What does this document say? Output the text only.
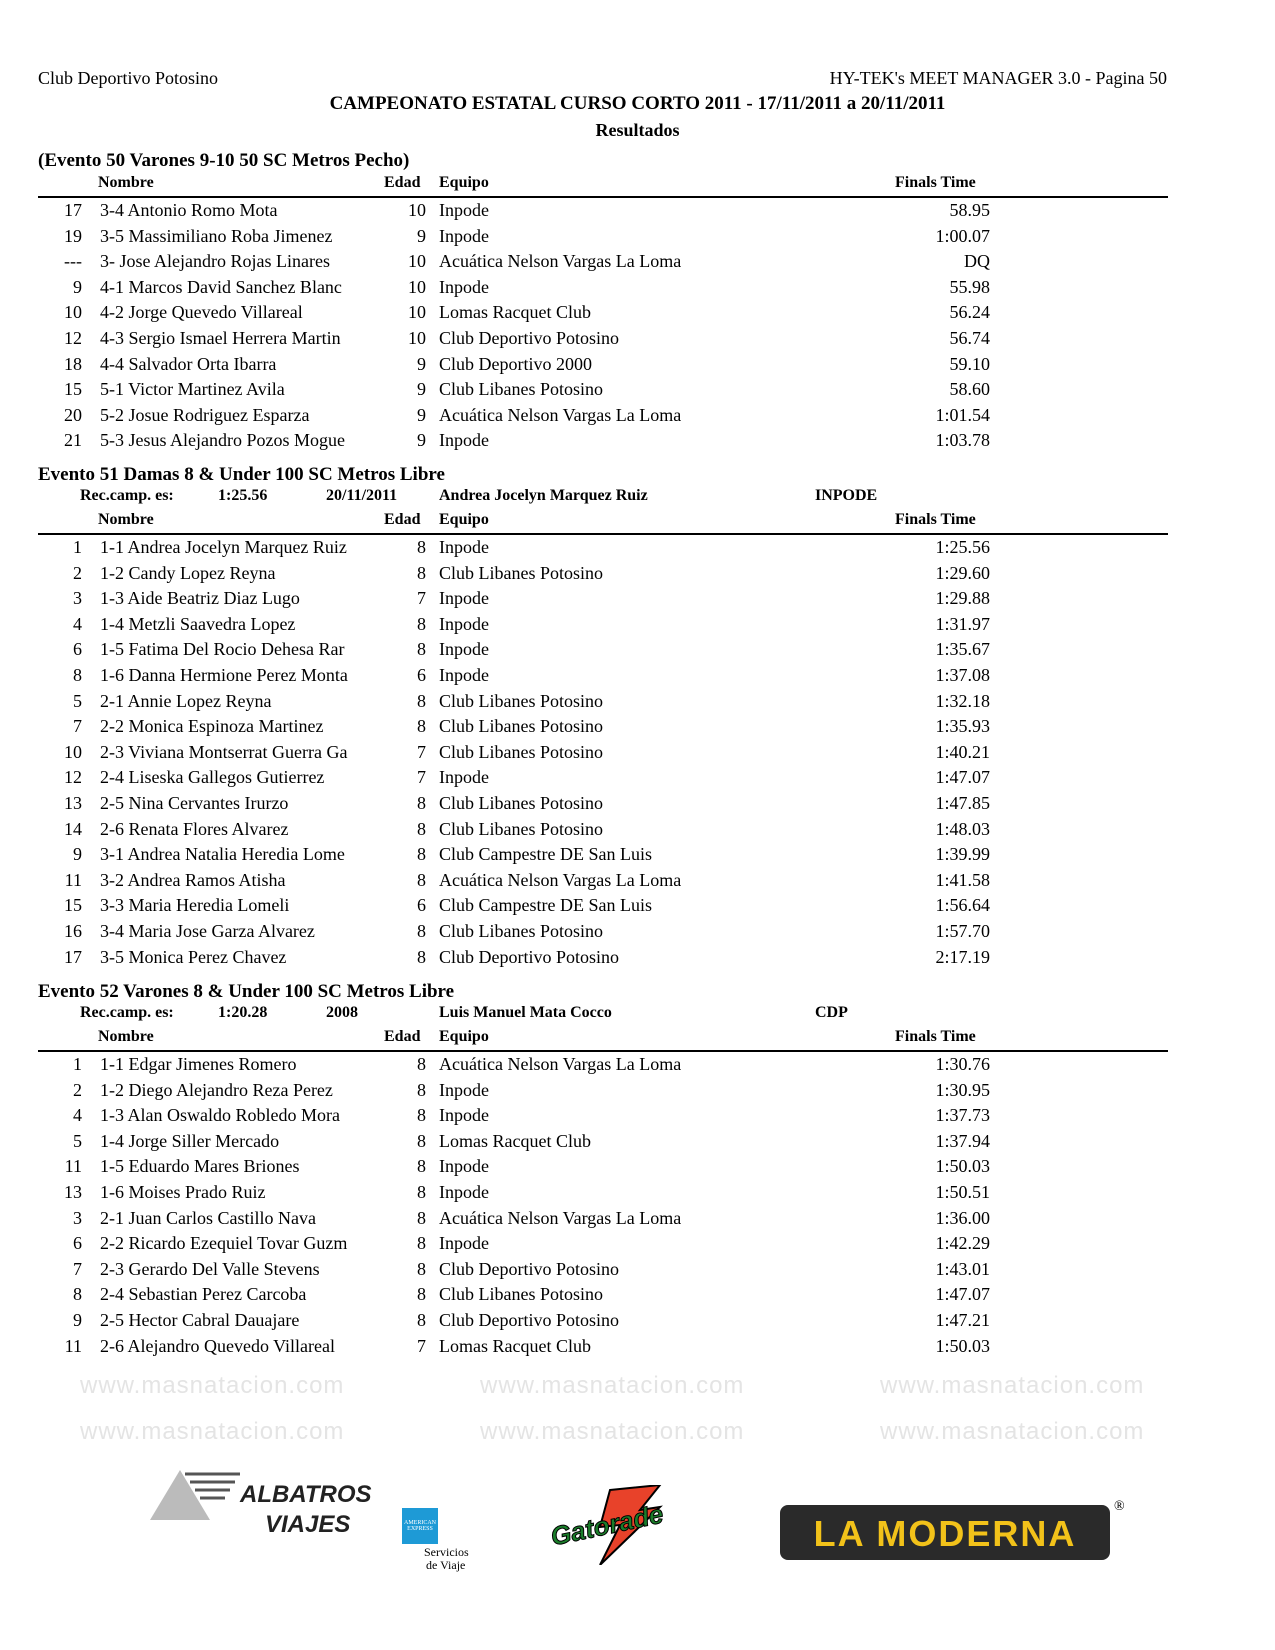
Club Deportivo Potosino	HY-TEK's MEET MANAGER 3.0 - Pagina 50
CAMPEONATO ESTATAL CURSO CORTO 2011 - 17/11/2011 a 20/11/2011
Resultados
(Evento 50 Varones 9-10 50 SC Metros Pecho)
Nombre	Edad Equipo	Finals Time
17 3-4 Antonio Romo Mota	10 Inpode	58.95
19 3-5 Massimiliano Roba Jimenez	9 Inpode	1:00.07
--- 3- Jose Alejandro Rojas Linares	10 Acuática Nelson Vargas La Loma	DQ
9 4-1 Marcos David Sanchez Blanc	10 Inpode	55.98
10 4-2 Jorge Quevedo Villareal	10 Lomas Racquet Club	56.24
12 4-3 Sergio Ismael Herrera Martin	10 Club Deportivo Potosino	56.74
18 4-4 Salvador Orta Ibarra	9 Club Deportivo 2000	59.10
15 5-1 Victor Martinez Avila	9 Club Libanes Potosino	58.60
20 5-2 Josue Rodriguez Esparza	9 Acuática Nelson Vargas La Loma	1:01.54
21 5-3 Jesus Alejandro Pozos Mogue	9 Inpode	1:03.78
Evento 51 Damas 8 & Under 100 SC Metros Libre
Rec.camp. es:	1:25.56	20/11/2011	Andrea Jocelyn Marquez Ruiz	INPODE
Nombre	Edad Equipo	Finals Time
1 1-1 Andrea Jocelyn Marquez Ruiz	8 Inpode	1:25.56
2 1-2 Candy Lopez Reyna	8 Club Libanes Potosino	1:29.60
3 1-3 Aide Beatriz Diaz Lugo	7 Inpode	1:29.88
4 1-4 Metzli Saavedra Lopez	8 Inpode	1:31.97
6 1-5 Fatima Del Rocio Dehesa Rar	8 Inpode	1:35.67
8 1-6 Danna Hermione Perez Monta	6 Inpode	1:37.08
5 2-1 Annie Lopez Reyna	8 Club Libanes Potosino	1:32.18
7 2-2 Monica Espinoza Martinez	8 Club Libanes Potosino	1:35.93
10 2-3 Viviana Montserrat Guerra Ga	7 Club Libanes Potosino	1:40.21
12 2-4 Liseska Gallegos Gutierrez	7 Inpode	1:47.07
13 2-5 Nina Cervantes Irurzo	8 Club Libanes Potosino	1:47.85
14 2-6 Renata Flores Alvarez	8 Club Libanes Potosino	1:48.03
9 3-1 Andrea Natalia Heredia Lome	8 Club Campestre DE San Luis	1:39.99
11 3-2 Andrea Ramos Atisha	8 Acuática Nelson Vargas La Loma	1:41.58
15 3-3 Maria Heredia Lomeli	6 Club Campestre DE San Luis	1:56.64
16 3-4 Maria Jose Garza Alvarez	8 Club Libanes Potosino	1:57.70
17 3-5 Monica Perez Chavez	8 Club Deportivo Potosino	2:17.19
Evento 52 Varones 8 & Under 100 SC Metros Libre
Rec.camp. es:	1:20.28	2008	Luis Manuel Mata Cocco	CDP
Nombre	Edad Equipo	Finals Time
1 1-1 Edgar Jimenes Romero	8 Acuática Nelson Vargas La Loma	1:30.76
2 1-2 Diego Alejandro Reza Perez	8 Inpode	1:30.95
4 1-3 Alan Oswaldo Robledo Mora	8 Inpode	1:37.73
5 1-4 Jorge Siller Mercado	8 Lomas Racquet Club	1:37.94
11 1-5 Eduardo Mares Briones	8 Inpode	1:50.03
13 1-6 Moises Prado Ruiz	8 Inpode	1:50.51
3 2-1 Juan Carlos Castillo Nava	8 Acuática Nelson Vargas La Loma	1:36.00
6 2-2 Ricardo Ezequiel Tovar Guzm	8 Inpode	1:42.29
7 2-3 Gerardo Del Valle Stevens	8 Club Deportivo Potosino	1:43.01
8 2-4 Sebastian Perez Carcoba	8 Club Libanes Potosino	1:47.07
9 2-5 Hector Cabral Dauajare	8 Club Deportivo Potosino	1:47.21
11 2-6 Alejandro Quevedo Villareal	7 Lomas Racquet Club	1:50.03
www.masnatacion.com	www.masnatacion.com	www.masnatacion.com
www.masnatacion.com	www.masnatacion.com	www.masnatacion.com
ALBATROS
VIAJES	AMERICAN EXPRESS
Servicios
de Viaje
Gatorade	LA MODERNA
®
